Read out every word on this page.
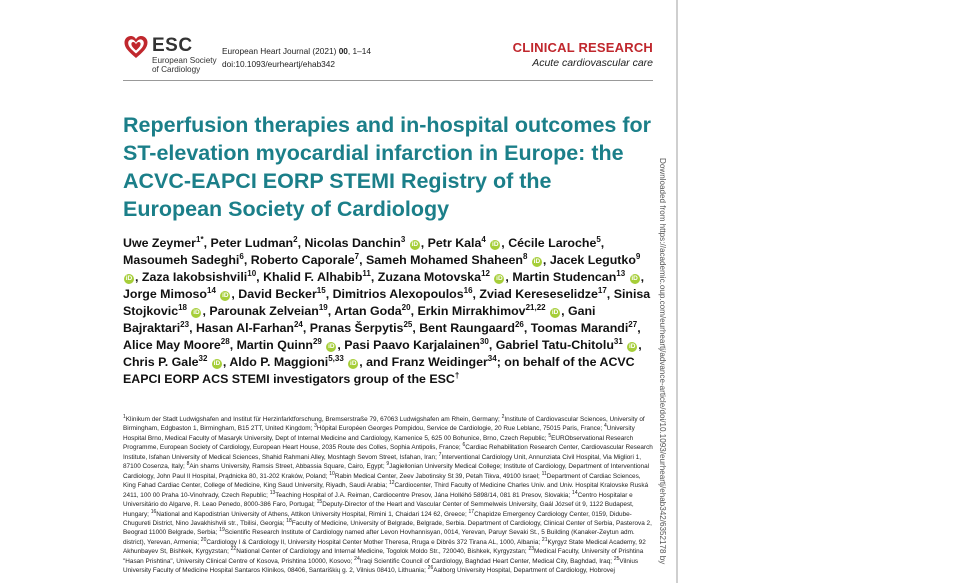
ESC
European Society
of Cardiology
European Heart Journal (2021) 00, 1–14
doi:10.1093/eurheartj/ehab342
CLINICAL RESEARCH
Acute cardiovascular care
Reperfusion therapies and in-hospital outcomes for ST-elevation myocardial infarction in Europe: the ACVC-EAPCI EORP STEMI Registry of the European Society of Cardiology
Uwe Zeymer$^{1*}$, Peter Ludman$^2$, Nicolas Danchin$^3$ iD , Petr Kala$^4$ iD , Cécile Laroche$^5$, Masoumeh Sadeghi$^6$, Roberto Caporale$^7$, Sameh Mohamed Shaheen$^8$ iD , Jacek Legutko$^9$ iD , Zaza Iakobsishvili$^{10}$, Khalid F. Alhabib$^{11}$, Zuzana Motovska$^{12}$ iD , Martin Studencan$^{13}$ iD , Jorge Mimoso$^{14}$ iD , David Becker$^{15}$, Dimitrios Alexopoulos$^{16}$, Zviad Kereseselidze$^{17}$, Sinisa Stojkovic$^{18}$ iD , Parounak Zelveian$^{19}$, Artan Goda$^{20}$, Erkin Mirrakhimov$^{21,22}$ iD , Gani Bajraktari$^{23}$, Hasan Al-Farhan$^{24}$, Pranas Šerpytis$^{25}$, Bent Raungaard$^{26}$, Toomas Marandi$^{27}$, Alice May Moore$^{28}$, Martin Quinn$^{29}$ iD , Pasi Paavo Karjalainen$^{30}$, Gabriel Tatu-Chitolu$^{31}$ iD , Chris P. Gale$^{32}$ iD , Aldo P. Maggioni$^{5,33}$ iD , and Franz Weidinger$^{34}$; on behalf of the ACVC EAPCI EORP ACS STEMI investigators group of the ESC†
$^1$Klinikum der Stadt Ludwigshafen and Institut für Herzinfarktforschung, Bremserstraße 79, 67063 Ludwigshafen am Rhein, Germany; $^2$Institute of Cardiovascular Sciences, University of Birmingham, Edgbaston 1, Birmingham, B15 2TT, United Kingdom; $^3$Hôpital Européen Georges Pompidou, Service de Cardiologie, 20 Rue Leblanc, 75015 Paris, France; $^4$University Hospital Brno, Medical Faculty of Masaryk University, Dept of Internal Medicine and Cardiology, Kamenice 5, 625 00 Bohunice, Brno, Czech Republic; $^5$EURObservational Research Programme, European Society of Cardiology, European Heart House, 2035 Route des Colles, Sophia Antipolis, France; $^6$Cardiac Rehabilitation Research Center, Cardiovascular Research Institute, Isfahan University of Medical Sciences, Shahid Rahmani Alley, Moshtagh Sevom Street, Isfahan, Iran; $^7$Interventional Cardiology Unit, Annunziata Civil Hospital, Via Migliori 1, 87100 Cosenza, Italy; $^8$Ain shams University, Ramsis Street, Abbassia Square, Cairo, Egypt; $^9$Jagiellonian University Medical College; Institute of Cardiology, Department of Interventional Cardiology, John Paul II Hospital, Prądnicka 80, 31-202 Kraków, Poland; $^{10}$Rabin Medical Center, Zeev Jabotinsky St 39, Petah Tikva, 49100 Israel; $^{11}$Department of Cardiac Sciences, King Fahad Cardiac Center, College of Medicine, King Saud University, Riyadh, Saudi Arabia; $^{12}$Cardiocenter, Third Faculty of Medicine Charles Univ. and Univ. Hospital Kralovske Ruská 2411, 100 00 Praha 10-Vinohrady, Czech Republic; $^{13}$Teaching Hospital of J.A. Reiman, Cardiocentre Presov, Jána Holléhó 5898/14, 081 81 Presov, Slovakia; $^{14}$Centro Hospitalar e Universitário do Algarve, R. Leao Penedo, 8000-386 Faro, Portugal; $^{15}$Deputy-Director of the Heart and Vascular Center of Semmelweis University, Gaál József út 9, 1122 Budapest, Hungary; $^{16}$National and Kapodistrian University of Athens, Attikon University Hospital, Rimini 1, Chaidari 124 62, Greece; $^{17}$Chapidze Emergency Cardiology Center, 0159, Didube-Chugureti District, Nino Javakhishvili str., Tbilisi, Georgia; $^{18}$Faculty of Medicine, University of Belgrade, Belgrade, Serbia. Department of Cardiology, Clinical Center of Serbia, Pasterova 2, Beograd 11000 Belgrade, Serbia; $^{19}$Scientific Research Institute of Cardiology named after Levon Hovhannisyan, 0014, Yerevan, Paruyr Sevaki St., 5 Building (Kanaker-Zeytun adm. district), Yerevan, Armenia; $^{20}$Cardiology I & Cardiology II, University Hospital Center Mother Theresa, Rruga e Dibrës 372 Tirana AL, 1000, Albania; $^{21}$Kyrgyz State Medical Academy, 92 Akhunbayev St, Bishkek, Kyrgyzstan; $^{22}$National Center of Cardiology and Internal Medicine, Togolok Moldo Str., 720040, Bishkek, Kyrgyzstan; $^{23}$Medical Faculty, University of Prishtina "Hasan Prishtina", University Clinical Centre of Kosova, Prishtina 10000, Kosovo; $^{24}$Iraqi Scientific Council of Cardiology, Baghdad Heart Center, Medical City, Baghdad, Iraq; $^{25}$Vilnius University Faculty of Medicine Hospital Santaros Klinikos, 08406, Santariškių g. 2, Vilnius 08410, Lithuania; $^{26}$Aalborg University Hospital, Department of Cardiology, Hobrovej
Downloaded from https://academic.oup.com/eurheartj/advance-article/doi/10.1093/eurheartj/ehab342/6352178 by
